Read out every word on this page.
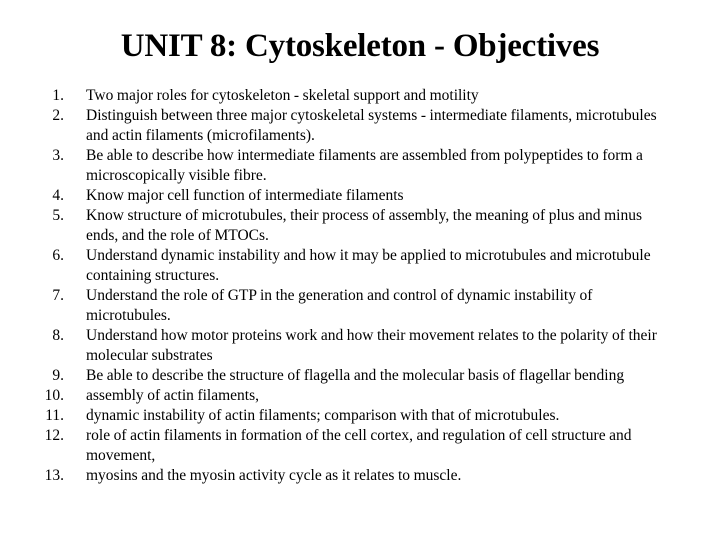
UNIT 8: Cytoskeleton - Objectives
1. Two major roles for cytoskeleton - skeletal support and motility
2. Distinguish between three major cytoskeletal systems - intermediate filaments, microtubules and actin filaments (microfilaments).
3. Be able to describe how intermediate filaments are assembled from polypeptides to form a microscopically visible fibre.
4. Know major cell function of intermediate filaments
5. Know structure of microtubules, their process of assembly, the meaning of plus and minus ends, and the role of MTOCs.
6. Understand dynamic instability and how it may be applied to microtubules and microtubule containing structures.
7. Understand the role of GTP in the generation and control of dynamic instability of microtubules.
8. Understand how motor proteins work and how their movement relates to the polarity of their molecular substrates
9. Be able to describe the structure of flagella and the molecular basis of flagellar bending
10. assembly of actin filaments,
11. dynamic instability of actin filaments; comparison with that of microtubules.
12. role of actin filaments in formation of the cell cortex, and regulation of cell structure and movement,
13. myosins and the myosin activity cycle as it relates to muscle.
